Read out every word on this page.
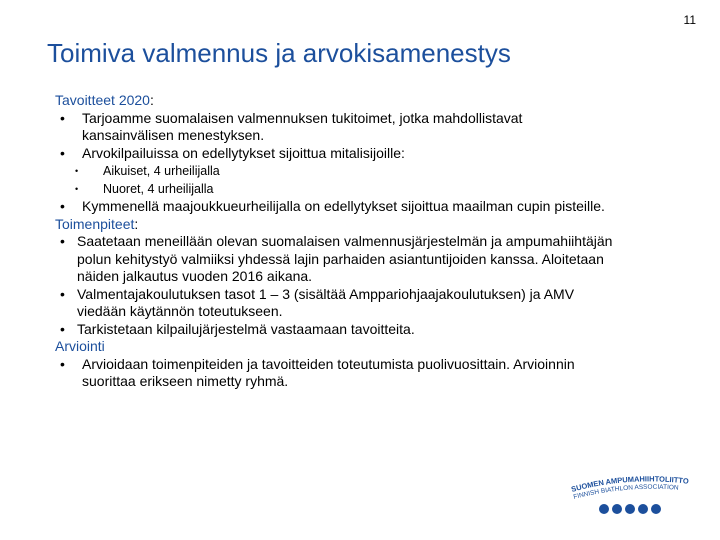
11
Toimiva valmennus ja arvokisamenestys
Tavoitteet 2020:
• Tarjoamme suomalaisen valmennuksen tukitoimet, jotka mahdollistavat kansainvälisen menestyksen.
• Arvokilpailuissa on edellytykset sijoittua mitalisijoille:
• Aikuiset, 4 urheilijalla
• Nuoret, 4 urheilijalla
• Kymmenellä maajoukkueurheilijalla on edellytykset sijoittua maailman cupin pisteille.
Toimenpiteet:
• Saatetaan meneillään olevan suomalaisen valmennusjärjestelmän ja ampumahiihtäjän polun kehitystyö valmiiksi yhdessä lajin parhaiden asiantuntijoiden kanssa. Aloitetaan näiden jalkautus vuoden 2016 aikana.
• Valmentajakoulutuksen tasot 1 – 3 (sisältää Amppariohjaajakoulutuksen) ja AMV viedään käytännön toteutukseen.
• Tarkistetaan kilpailujärjestelmä vastaamaan tavoitteita.
Arviointi
• Arvioidaan toimenpiteiden ja tavoitteiden toteutumista puolivuosittain. Arvioinnin suorittaa erikseen nimetty ryhmä.
SUOMEN AMPUMAHIIHTOLIITTO
FINNISH BIATHLON ASSOCIATION
